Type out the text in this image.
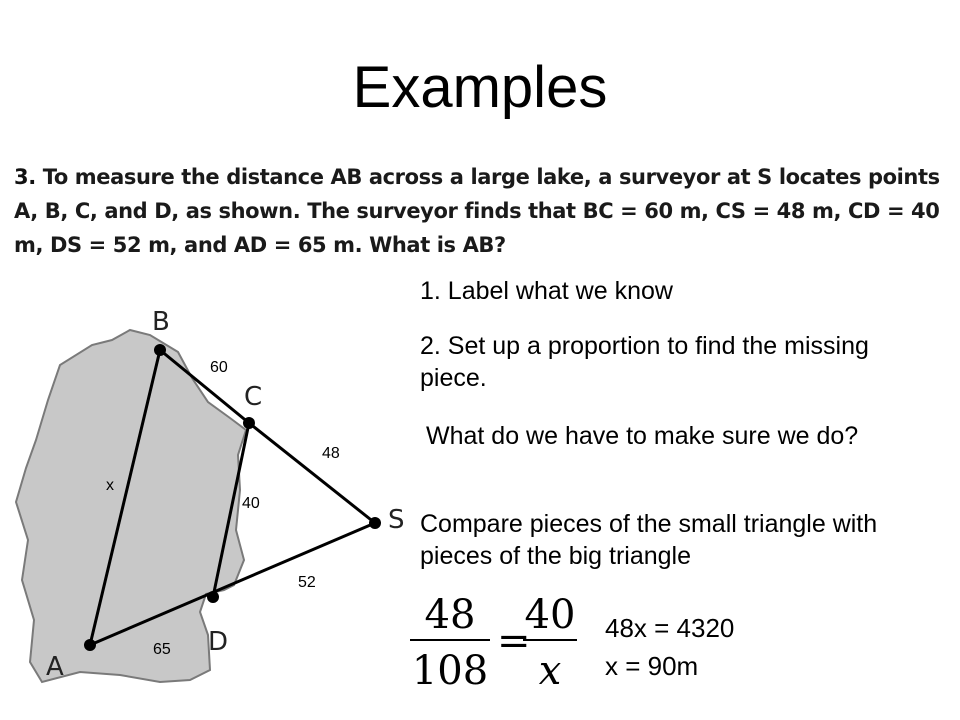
Examples
3. To measure the distance AB across a large lake, a surveyor at S locates points A, B, C, and D, as shown. The surveyor finds that BC = 60 m, CS = 48 m, CD = 40 m, DS = 52 m, and AD = 65 m. What is AB?
B
C
S
D
A
60
48
40
52
65
x
1. Label what we know
2. Set up a proportion to find the missing piece.
What do we have to make sure we do?
Compare pieces of the small triangle with pieces of the big triangle
48
108
=
40
x
48x = 4320
x = 90m
